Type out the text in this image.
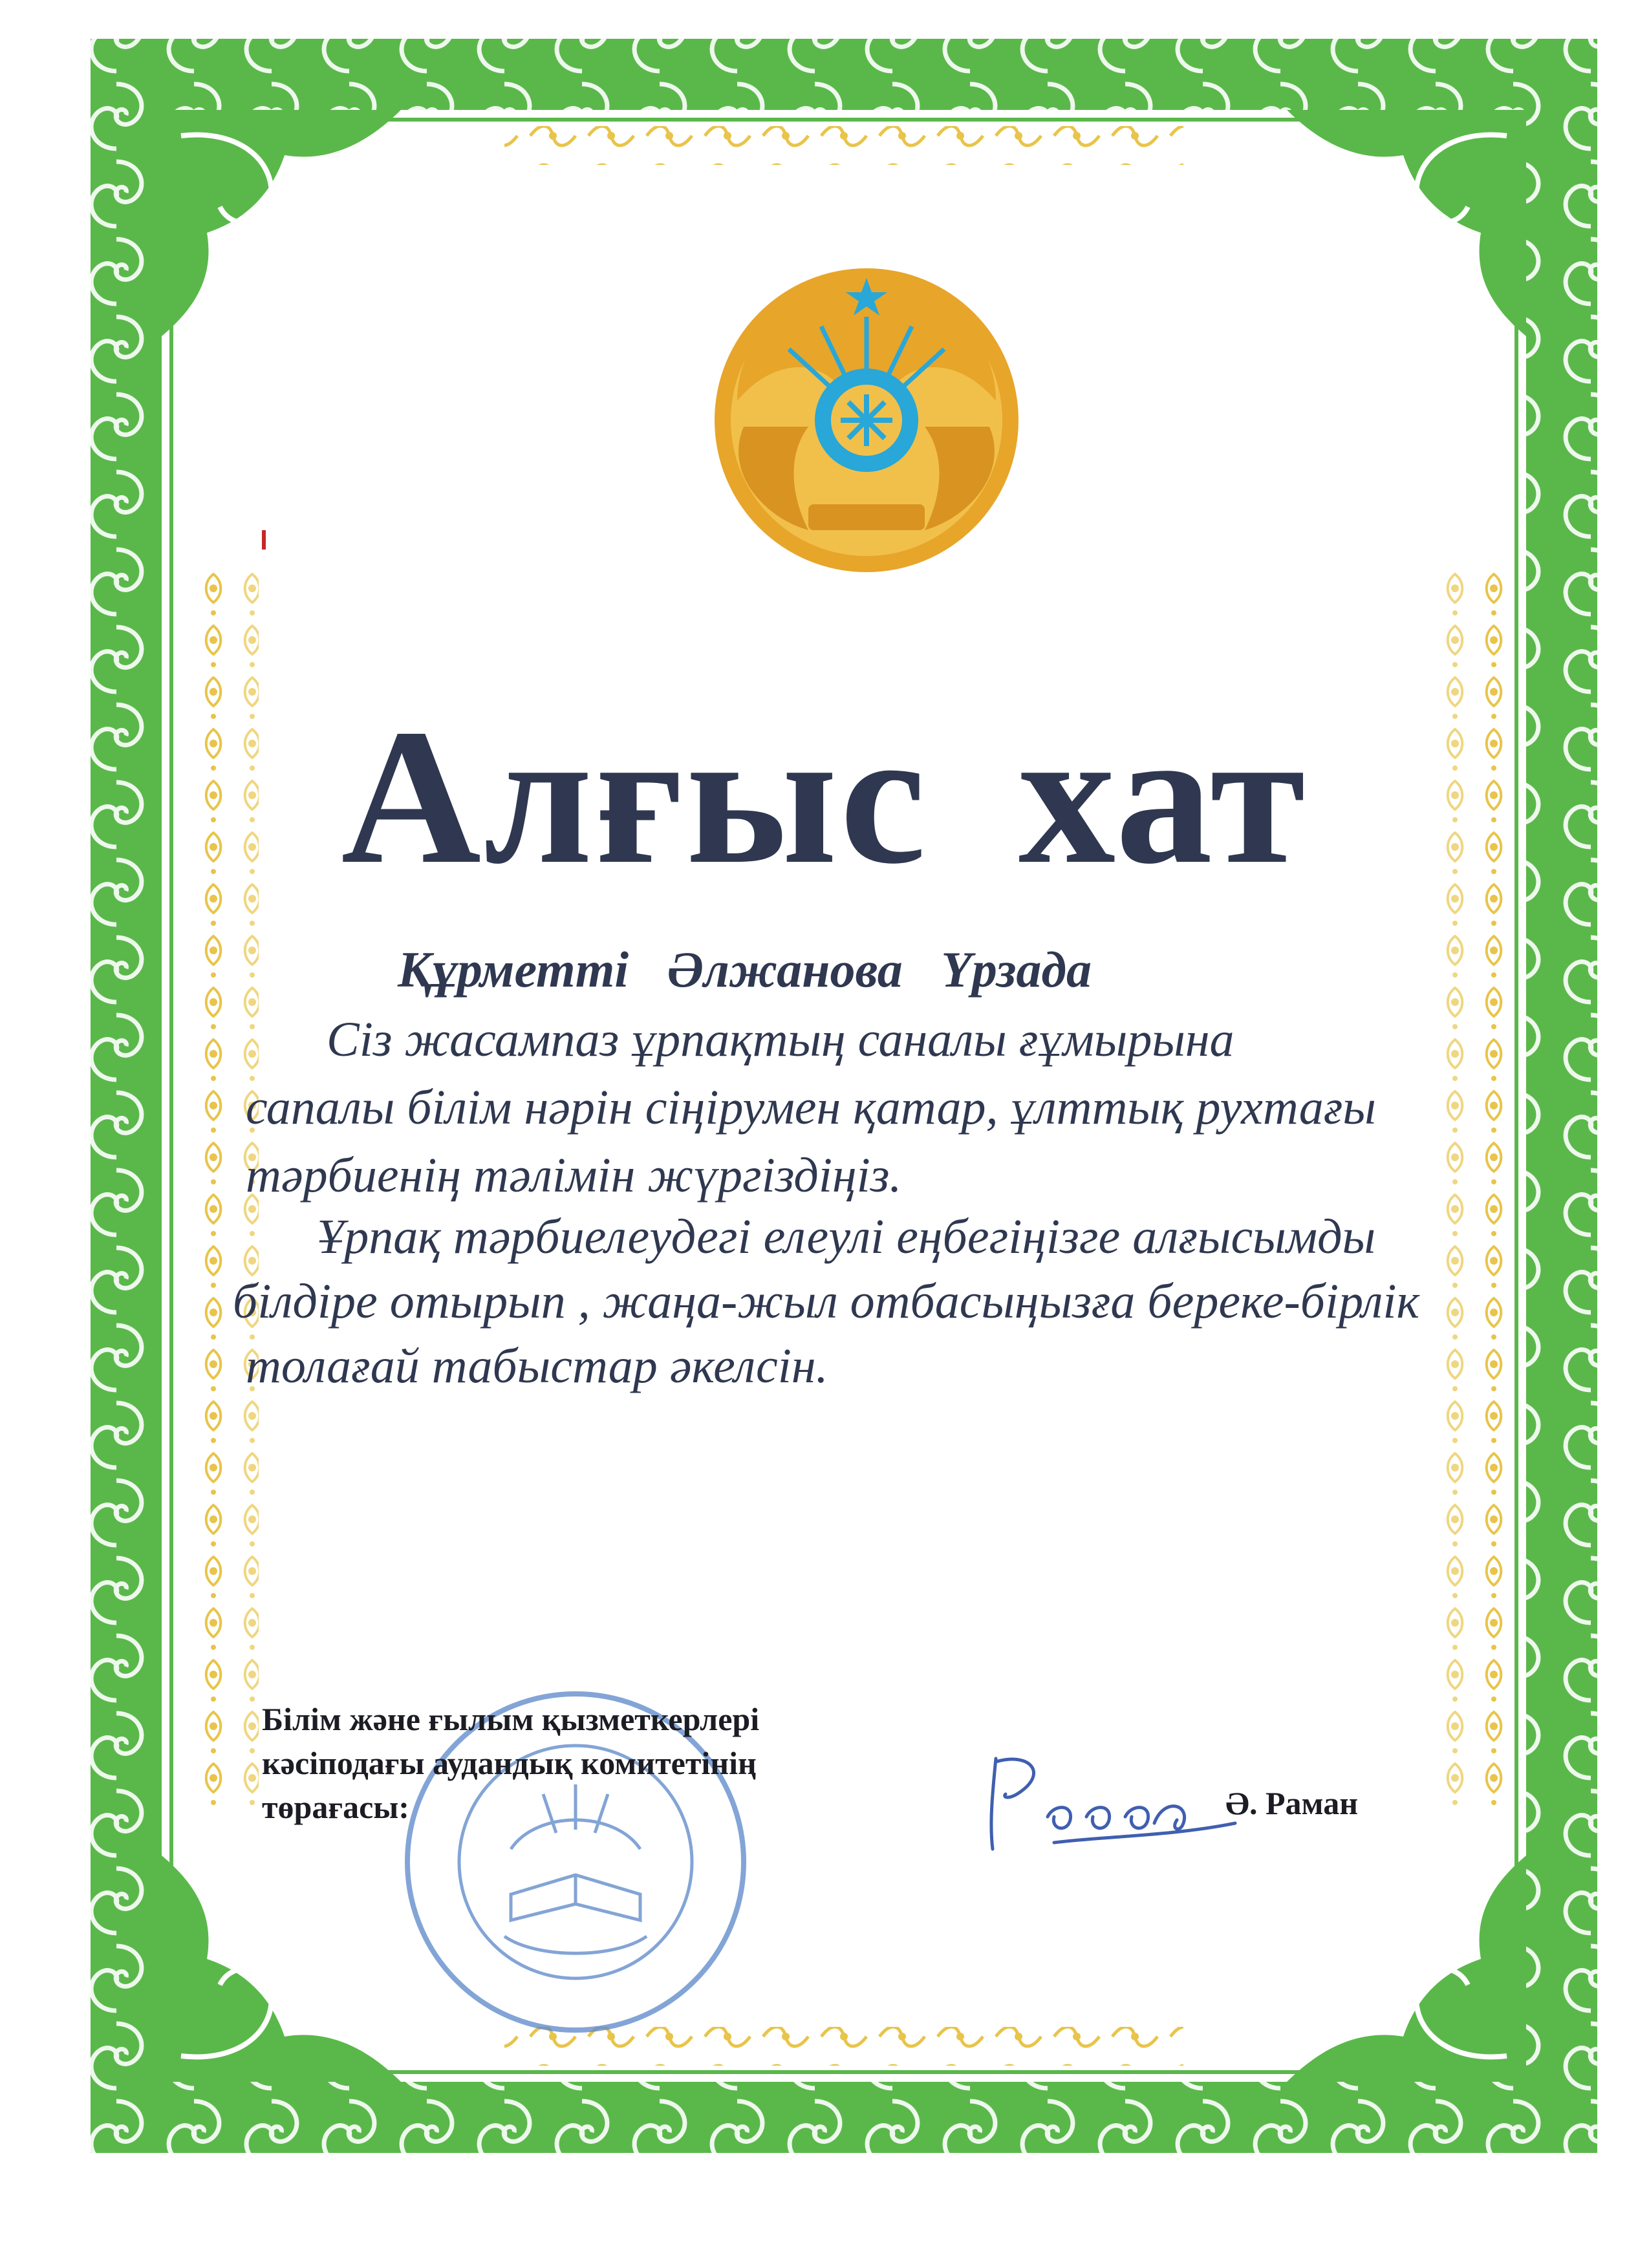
Алғыс хат
Құрметті Әлжанова Үрзада
Сіз жасампаз ұрпақтың саналы ғұмырына
сапалы білім нәрін сіңірумен қатар, ұлттық рухтағы
тәрбиенің тәлімін жүргіздіңіз.
Ұрпақ тәрбиелеудегі елеулі еңбегіңізге алғысымды
білдіре отырып , жаңа-жыл отбасыңызға береке-бірлік
толағай табыстар әкелсін.
Білім және ғылым қызметкерлері
кәсіподағы аудандық комитетінің
төрағасы:	Ә. Раман
